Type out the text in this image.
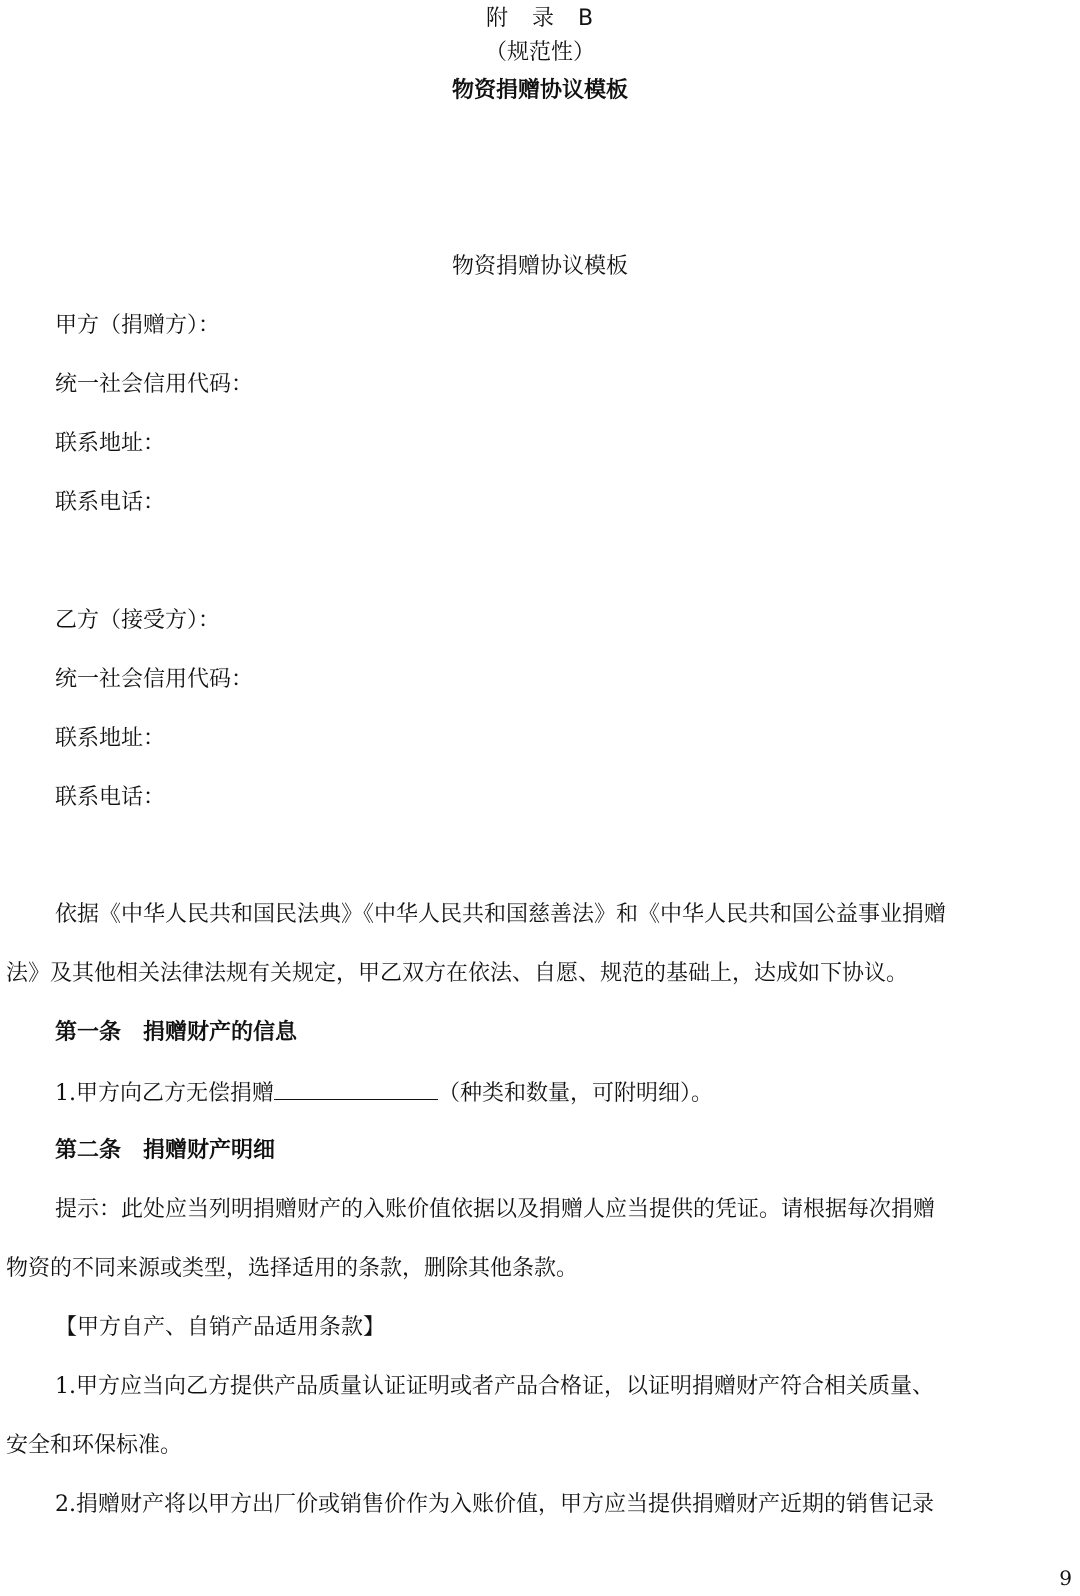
附　录　B
（规范性）
物资捐赠协议模板
物资捐赠协议模板
甲方（捐赠方）：
统一社会信用代码：
联系地址：
联系电话：
乙方（接受方）：
统一社会信用代码：
联系地址：
联系电话：
依据《中华人民共和国民法典》《中华人民共和国慈善法》和《中华人民共和国公益事业捐赠
法》及其他相关法律法规有关规定，甲乙双方在依法、自愿、规范的基础上，达成如下协议。
第一条　捐赠财产的信息
1.甲方向乙方无偿捐赠	（种类和数量，可附明细）。
第二条　捐赠财产明细
提示：此处应当列明捐赠财产的入账价值依据以及捐赠人应当提供的凭证。请根据每次捐赠
物资的不同来源或类型，选择适用的条款，删除其他条款。
【甲方自产、自销产品适用条款】
1.甲方应当向乙方提供产品质量认证证明或者产品合格证，以证明捐赠财产符合相关质量、
安全和环保标准。
2.捐赠财产将以甲方出厂价或销售价作为入账价值，甲方应当提供捐赠财产近期的销售记录
9
